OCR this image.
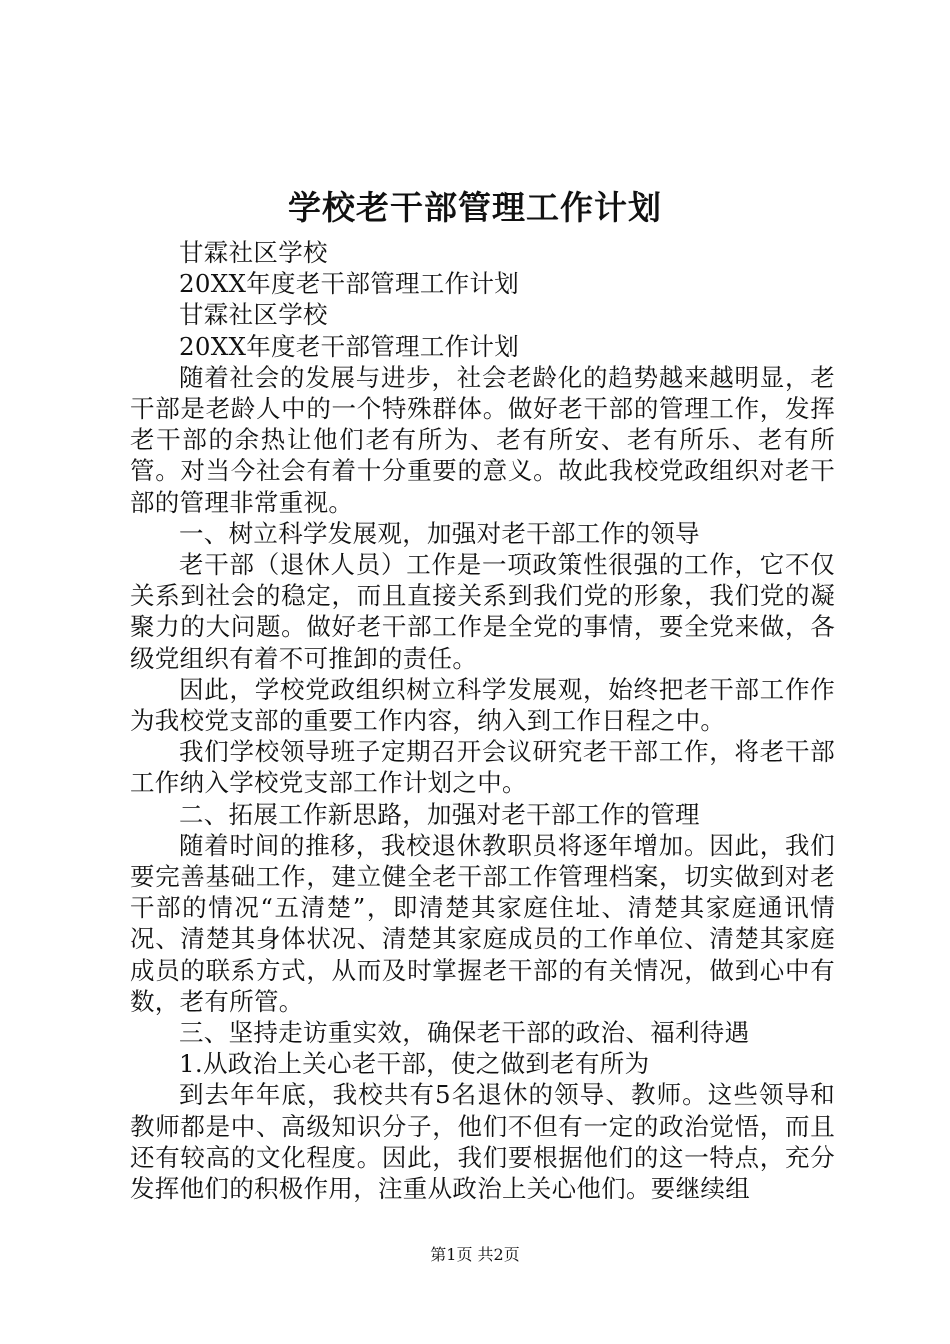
学校老干部管理工作计划

甘霖社区学校

20XX年度老干部管理工作计划

甘霖社区学校

20XX年度老干部管理工作计划

随着社会的发展与进步，社会老龄化的趋势越来越明显，老干部是老龄人中的一个特殊群体。做好老干部的管理工作，发挥老干部的余热让他们老有所为、老有所安、老有所乐、老有所管。对当今社会有着十分重要的意义。故此我校党政组织对老干部的管理非常重视。

一、树立科学发展观，加强对老干部工作的领导

老干部（退休人员）工作是一项政策性很强的工作，它不仅关系到社会的稳定，而且直接关系到我们党的形象，我们党的凝聚力的大问题。做好老干部工作是全党的事情，要全党来做，各级党组织有着不可推卸的责任。

因此，学校党政组织树立科学发展观，始终把老干部工作作为我校党支部的重要工作内容，纳入到工作日程之中。

我们学校领导班子定期召开会议研究老干部工作，将老干部工作纳入学校党支部工作计划之中。

二、拓展工作新思路，加强对老干部工作的管理

随着时间的推移，我校退休教职员将逐年增加。因此，我们要完善基础工作，建立健全老干部工作管理档案，切实做到对老干部的情况“五清楚”，即清楚其家庭住址、清楚其家庭通讯情况、清楚其身体状况、清楚其家庭成员的工作单位、清楚其家庭成员的联系方式，从而及时掌握老干部的有关情况，做到心中有数，老有所管。

三、坚持走访重实效，确保老干部的政治、福利待遇

1.从政治上关心老干部，使之做到老有所为

到去年年底，我校共有5名退休的领导、教师。这些领导和教师都是中、高级知识分子，他们不但有一定的政治觉悟，而且还有较高的文化程度。因此，我们要根据他们的这一特点，充分发挥他们的积极作用，注重从政治上关心他们。要继续组

第1页 共2页
